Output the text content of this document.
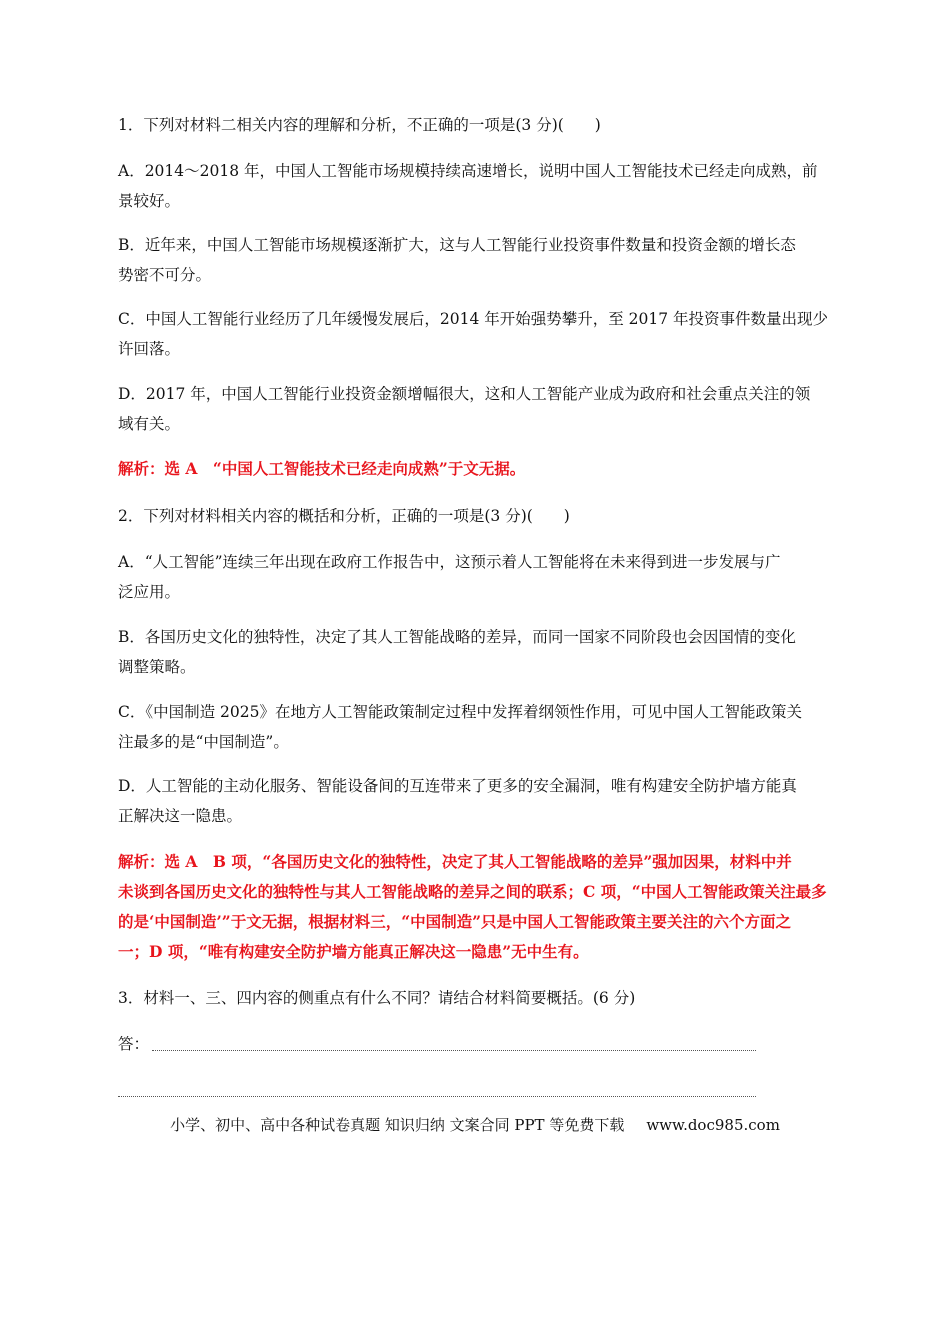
1．下列对材料二相关内容的理解和分析，不正确的一项是(3 分)(　　)
A．2014～2018 年，中国人工智能市场规模持续高速增长，说明中国人工智能技术已经走向成熟，前
景较好。
B．近年来，中国人工智能市场规模逐渐扩大，这与人工智能行业投资事件数量和投资金额的增长态
势密不可分。
C．中国人工智能行业经历了几年缓慢发展后，2014 年开始强势攀升，至 2017 年投资事件数量出现少
许回落。
D．2017 年，中国人工智能行业投资金额增幅很大，这和人工智能产业成为政府和社会重点关注的领
域有关。
解析：选 A　“中国人工智能技术已经走向成熟”于文无据。
2．下列对材料相关内容的概括和分析，正确的一项是(3 分)(　　)
A．“人工智能”连续三年出现在政府工作报告中，这预示着人工智能将在未来得到进一步发展与广
泛应用。
B．各国历史文化的独特性，决定了其人工智能战略的差异，而同一国家不同阶段也会因国情的变化
调整策略。
C．《中国制造 2025》在地方人工智能政策制定过程中发挥着纲领性作用，可见中国人工智能政策关
注最多的是“中国制造”。
D．人工智能的主动化服务、智能设备间的互连带来了更多的安全漏洞，唯有构建安全防护墙方能真
正解决这一隐患。
解析：选 A　B 项，“各国历史文化的独特性，决定了其人工智能战略的差异”强加因果，材料中并
未谈到各国历史文化的独特性与其人工智能战略的差异之间的联系；C 项，“中国人工智能政策关注最多
的是‘中国制造’”于文无据，根据材料三，“中国制造”只是中国人工智能政策主要关注的六个方面之
一；D 项，“唯有构建安全防护墙方能真正解决这一隐患”无中生有。
3．材料一、三、四内容的侧重点有什么不同？请结合材料简要概括。(6 分)
答：
小学、初中、高中各种试卷真题 知识归纳 文案合同 PPT 等免费下载 www.doc985.com
